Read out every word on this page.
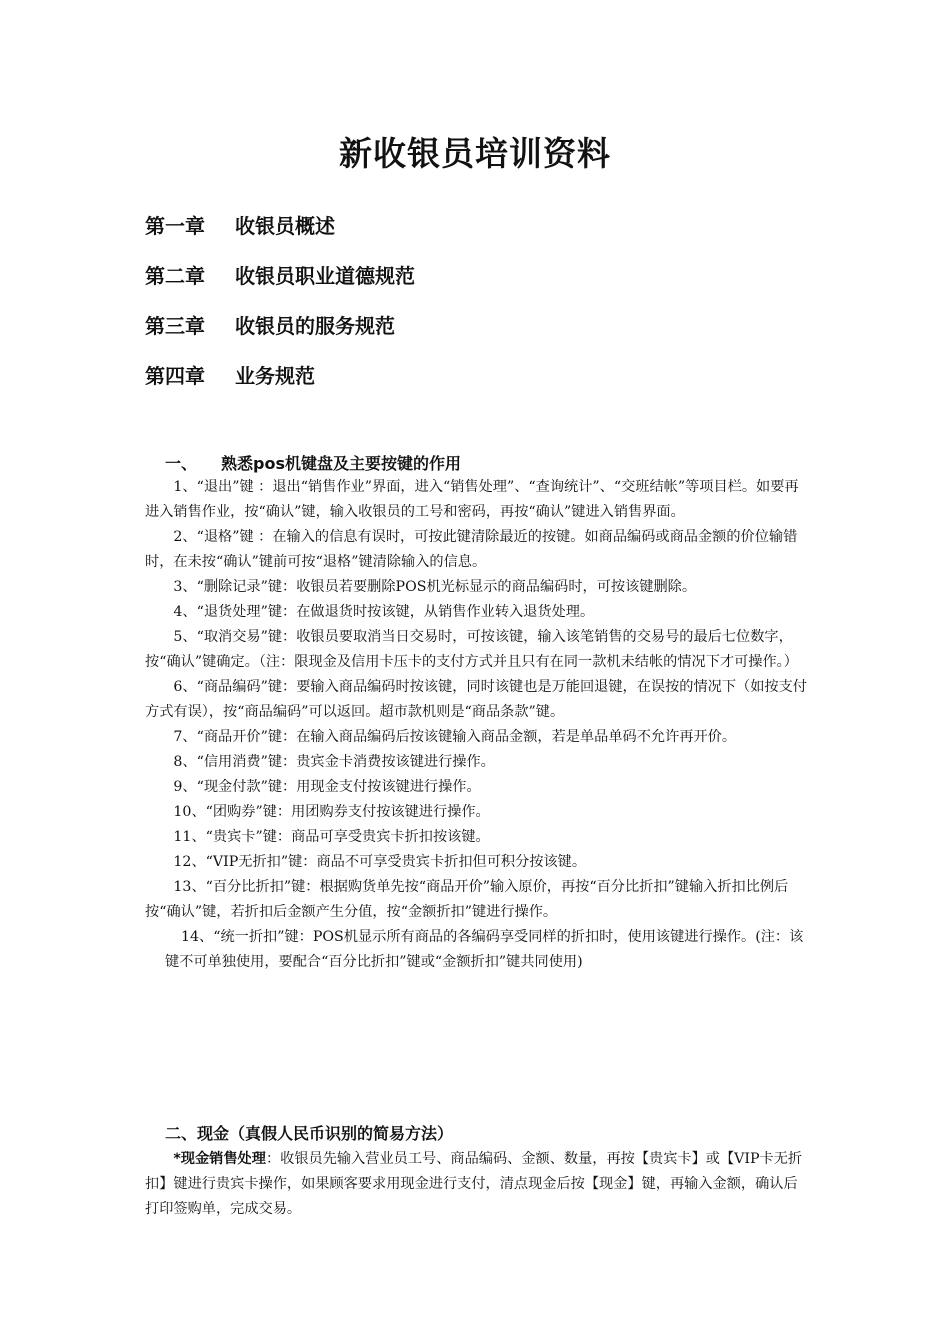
新收银员培训资料
第一章 收银员概述
第二章 收银员职业道德规范
第三章 收银员的服务规范
第四章 业务规范
一、 熟悉pos机键盘及主要按键的作用

1、“退出”键 ：退出“销售作业”界面，进入“销售处理”、“查询统计”、“交班结帐”等项目栏。如要再进入销售作业，按“确认”键，输入收银员的工号和密码，再按“确认”键进入销售界面。

2、“退格”键 ：在输入的信息有误时，可按此键清除最近的按键。如商品编码或商品金额的价位输错时，在未按“确认”键前可按“退格”键清除输入的信息。

3、“删除记录”键：收银员若要删除POS机光标显示的商品编码时，可按该键删除。

4、“退货处理”键：在做退货时按该键，从销售作业转入退货处理。

5、“取消交易”键：收银员要取消当日交易时，可按该键，输入该笔销售的交易号的最后七位数字，按“确认”键确定。（注：限现金及信用卡压卡的支付方式并且只有在同一款机未结帐的情况下才可操作。）

6、“商品编码”键：要输入商品编码时按该键，同时该键也是万能回退键，在误按的情况下（如按支付方式有误），按“商品编码”可以返回。超市款机则是“商品条款”键。

7、“商品开价”键：在输入商品编码后按该键输入商品金额，若是单品单码不允许再开价。

8、“信用消费”键：贵宾金卡消费按该键进行操作。

9、“现金付款”键：用现金支付按该键进行操作。

10、“团购券”键：用团购券支付按该键进行操作。

11、“贵宾卡”键：商品可享受贵宾卡折扣按该键。

12、“VIP无折扣”键：商品不可享受贵宾卡折扣但可积分按该键。

13、“百分比折扣”键：根据购货单先按“商品开价”输入原价，再按“百分比折扣”键输入折扣比例后按“确认”键，若折扣后金额产生分值，按“金额折扣”键进行操作。

14、“统一折扣”键：POS机显示所有商品的各编码享受同样的折扣时，使用该键进行操作。(注：该键不可单独使用，要配合“百分比折扣”键或“金额折扣”键共同使用)

二、现金（真假人民币识别的简易方法）

*现金销售处理：收银员先输入营业员工号、商品编码、金额、数量，再按【贵宾卡】或【VIP卡无折扣】键进行贵宾卡操作，如果顾客要求用现金进行支付，清点现金后按【现金】键，再输入金额，确认后打印签购单，完成交易。
